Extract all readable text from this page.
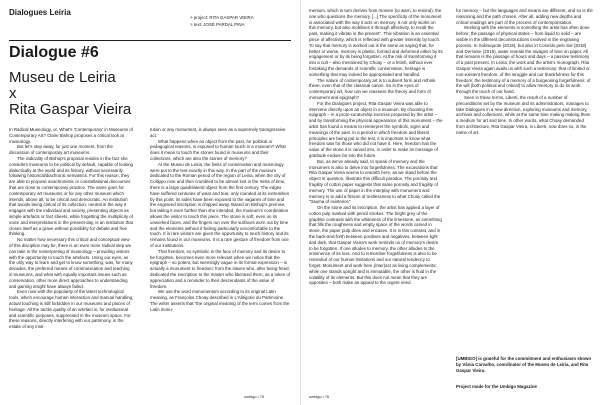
Dialogues Leiria
> project: RITA GASPAR VIEIRA
> text: JOSÉ PARDAL PINA
Dialogue #6
Museu de Leiria
x
Rita Gaspar Vieira

In Radical Museology, or, What's 'Contemporary' in Museums of Contemporary Art? Claire Bishop proposes a critical look at museology.

But let's step away, for just one moment, from the discussion of contemporary art museums.

The radicality of Bishop's proposal resides in the fact she considers museums to be political by default, capable of looking dialectically at the world and its history, without necessarily following historical/diachronic semantics. For this reason, they are able to propose anachronistic or constellational discourses that are close to contemporary practice. The same goes for contemporary art museums or for any other museum which intends, above all, to be critical and democratic. An institution that avoids being critical of its collection, neutral in the way it engages with the individual and society, presenting objects as simple artefacts or fact sheets, while forgetting the multiplicity of voice and interpretations in the present-day, is an institution that closes itself as a grave without possibility for debate and free thinking.

No matter how necessary this critical and conceptual view of this discipline may be, there is an even more radical step we can take in the reinterpreting of museology – providing visitors with the opportunity to touch the artefacts. Using our eyes, as the only way to learn and get to know something, was, for many decades, the preferred means of communication and teaching in museums, and what with equally important issues such as conservation, other more direct approaches to understanding and gaining insight have always failed.

Even now with the popularity of the latest technological tools, which encourage human interaction and manual handling, actual touching is still forbidden in our museums and places of heritage. All the tactile quality of an artefact is, for institutional and scientific purposes, suppressed in the museum space. For these reasons, directly interfering with our patrimony, in the estate of any insti-

tution or any monument, is always seen as a supremely transgressive act.

What happens when an object from the past, for political or pedagogical reasons, is exposed to human touch in a museum? What does it mean to touch the stones found in museums and their collections, which are also the stones of memory?

At the Museu de Leiria, the limits of conservation and museology were put to the test exactly in this way. In the part of the museum dedicated to the Roman period of the region of Leiria, when the city of Collippo rose and then crumbled to be almost lost in the mists of time, there is a large quadrilateral object from the first century. The edges have suffered centuries of wear and tear, only rounded at its extremities by this point; its sides have been exposed to the vagaries of time and the engraved inscription is chipped away. Based on Bishop's premise, but taking it even further than she intended, the museum's coordination allows the visitor to touch this piece. The stone is soft, even on its unworked faces, and the fingers run over the surfaces worn out by time and the elements without it feeling particularly uncomfortable to the touch. It is rare visitors are given the opportunity to touch history and its remains found in our museums. It is a rare gesture of freedom from one of our institutions.

That freedom, so symbolic in the face of memory and its desire to be forgotten, becomes even more relevant when we notice that the epigraph – so potent, but seemingly vague in its formal expression – is actually a monument to freedom: from the slaves who, after being freed, dedicated the inscription to the master who liberated them, as a token of appreciation and a reminder to their descendants of the value of freedom.

We use the word monumentum according to its original Latin meaning, as Françoise Choay described in L'Allégorie du Patrimoine. The writer asserts that "the original meaning of the term comes from the Latin monu-

umbigo • 75

mentum, which in turn derives from monere (to warn, to remind), the one who questions the memory. [...] The specificity of the monument is associated with the way it acts on memory. It not only works on this memory, but also mobilises it through affectivity, to recall the past, making it vibrate in the present". This vibration is an essential piece of affectivity, which is reflected with greater intensity by touch. To say that memory is worked out is the same as saying that, for better or worse, memory is plastic, formed and deformed either by its engagement or by its being forgotten. At the risk of transforming it into a cult – also mentioned by Choay – or a fetish, without ever forsaking the demands of scientific conservation, heritage is something that may indeed be appropriated and handled.

The nature of contemporary art is to subvert form and rethink these, even that of the classical canon. So in the eyes of contemporary art, how can we reassess the theory and form of monument and epigraph?

For the Dialogues project, Rita Gaspar Vieira was able to intervene directly upon an object in a museum. By choosing this epigraph – in a proto-curatorship exercise proposed by the artist – and by transforming the physical appearance of this monument – the artist has found a means to reinterpret the symbols, signs and meanings of the past. In a period in which freedom and liberal principles are being put to the test, it is important to know what freedom was for those who did not have it. Here, freedom has the value of the stone it is carved into, in order to make its message of gratitude endure far into the future.

But, as we've already said, to speak of memory and the monument is also to delve into forgetfulness. The excavations that Rita Gaspar Vieira seems to unearth here, as we stand before the object in question, illustrate this difficult paradox. The porosity and fragility of cotton paper suggests that same porosity and fragility of memory. The use of paper in the interplay with monument and memory is to add a frisson of restlessness to what Choay called the "trauma of existence".

On the stone and its inscription, the artist has applied a layer of cotton pulp marked with pencil strokes. The bright grey of the graphite contrasts with the whiteness of the limestone, as something that fills the roughness and empty space of the words carved in stone, the paper pulp dries and encases. It is in this contrast, and in the back-and-forth between positives and negatives, between light and dark, that Gaspar Vieira's work reminds us of memory's desire to be forgotten. If one alludes to memory, the other alludes to the imminence of its loss. And to remember forgetfulness is also to be reminded of our human limitations and our natural tendency to forget. Monument and work here (inter)act as living complements: while one stands upright and is immutable, the other is fluid in the volatility of its elements. But this does not mean that they are opposites – both make an appeal to the urgent need

for memory – but the languages and means are different, and so is the reasoning and the path chosen. After all, adding new depths and critical readings are part of the process of contemporisation.

Working with the elements is something the artist has often done before; the passage of physical states – from liquid to solid – are visible in the different deconstructions involved in the engraving process. In Sobrequote (2019), but also in Colorido pelo Sal (2018) and Derrame (2018), water reveals the ravages of time on paper. All that remains is the passage of hours and days – a passive testimony of a past present. In Leiria, the work and the artist's monograph, Rita Gaspar Vieira again avails us with such a testimony: that of limited or non-existent freedom, of the struggle and our thankfulness for this freedom; the testimony of a memory of a burgeoning forgetfulness; of the will (both political and critical) to allow memory to do its work through the touch of our hand.

Seen in these terms, Liberti, the result of a number of preconditions set by the museum and its administrators, manages to take Dialogues in a new direction, exploring museums and memory, archives and collections, while at the same time making making them a medium for art and time. In other words, what Choay demanded from architecture, Rita Gaspar Vieira, in Liberti, now does so, in the name of art.

[UMBIGO] is grateful for the commitment and enthusiasm shown by Vânia Carvalho, coordinator of the Museu de Leiria, and Rita Gaspar Vieira.
Project made for the Umbigo Magazine
umbigo • 76
